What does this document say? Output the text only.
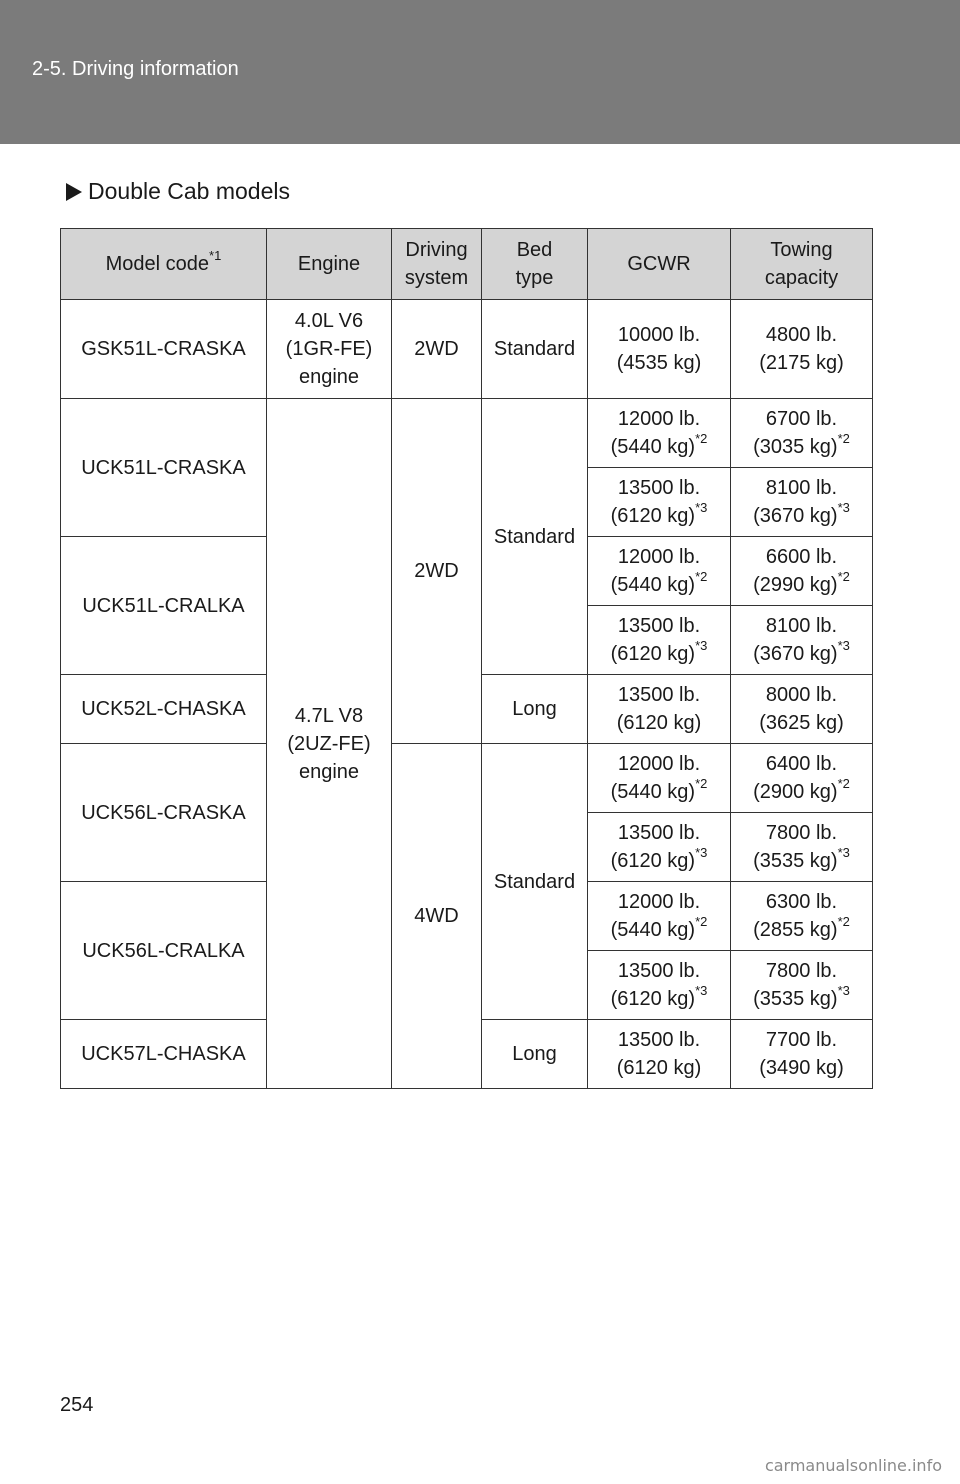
2-5. Driving information
Double Cab models
Model code$^{*1}$	Engine	Driving
system	Bed
type	GCWR	Towing
capacity
GSK51L-CRASKA	4.0L V6
(1GR-FE)
engine	2WD	Standard	10000 lb.
(4535 kg)	4800 lb.
(2175 kg)
UCK51L-CRASKA	4.7L V8
(2UZ-FE)
engine	2WD	Standard	12000 lb.
(5440 kg)$^{*2}$	6700 lb.
(3035 kg)$^{*2}$
				13500 lb.
(6120 kg)$^{*3}$	8100 lb.
(3670 kg)$^{*3}$
UCK51L-CRALKA				12000 lb.
(5440 kg)$^{*2}$	6600 lb.
(2990 kg)$^{*2}$
				13500 lb.
(6120 kg)$^{*3}$	8100 lb.
(3670 kg)$^{*3}$
UCK52L-CHASKA			Long	13500 lb.
(6120 kg)	8000 lb.
(3625 kg)
UCK56L-CRASKA		4WD	Standard	12000 lb.
(5440 kg)$^{*2}$	6400 lb.
(2900 kg)$^{*2}$
				13500 lb.
(6120 kg)$^{*3}$	7800 lb.
(3535 kg)$^{*3}$
UCK56L-CRALKA				12000 lb.
(5440 kg)$^{*2}$	6300 lb.
(2855 kg)$^{*2}$
				13500 lb.
(6120 kg)$^{*3}$	7800 lb.
(3535 kg)$^{*3}$
UCK57L-CHASKA			Long	13500 lb.
(6120 kg)	7700 lb.
(3490 kg)
254
carmanualsonline.info
